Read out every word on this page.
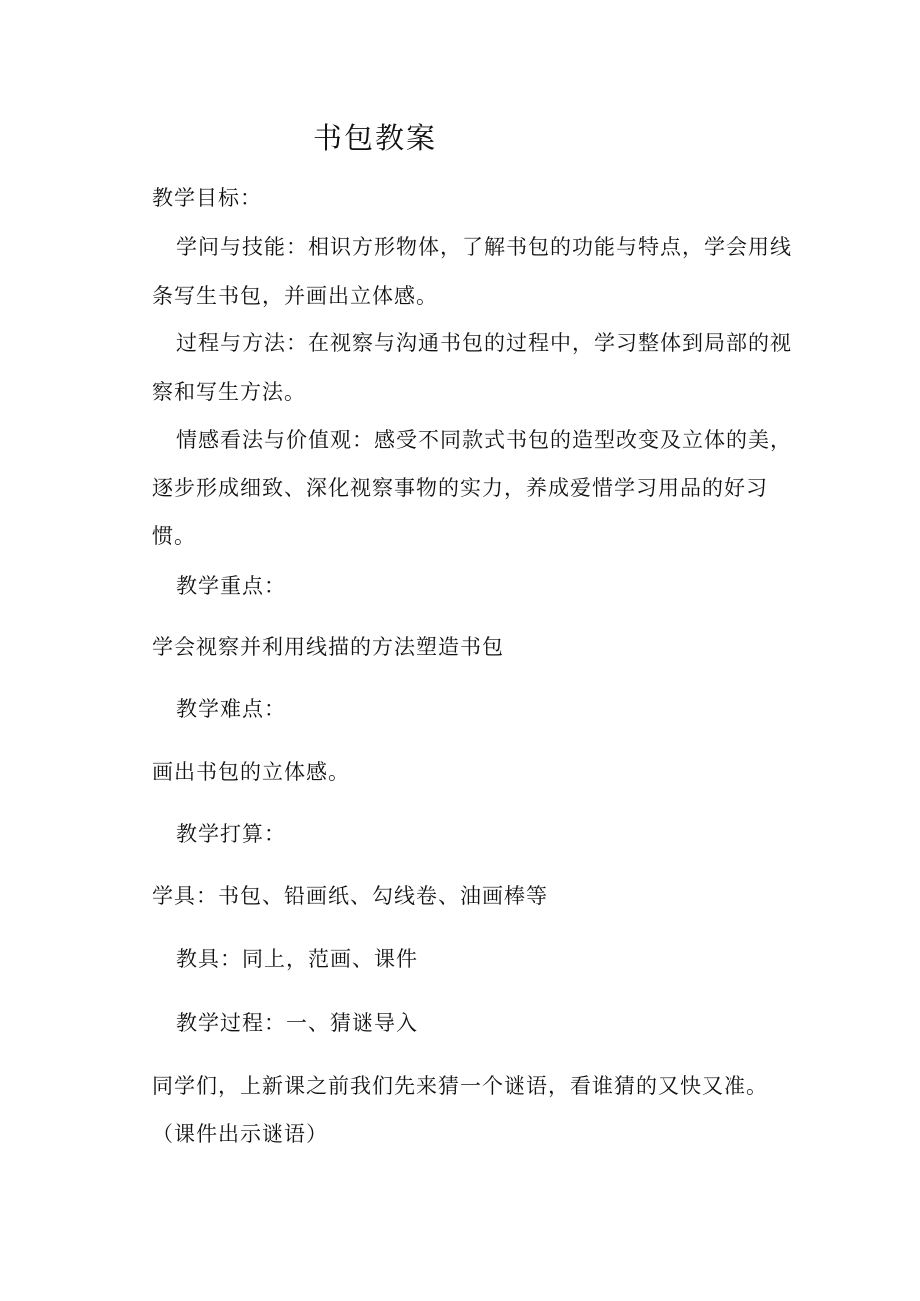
书包教案
教学目标：
学问与技能：相识方形物体，了解书包的功能与特点，学会用线
条写生书包，并画出立体感。
过程与方法：在视察与沟通书包的过程中，学习整体到局部的视
察和写生方法。
情感看法与价值观：感受不同款式书包的造型改变及立体的美，
逐步形成细致、深化视察事物的实力，养成爱惜学习用品的好习
惯。
教学重点：
学会视察并利用线描的方法塑造书包
教学难点：
画出书包的立体感。
教学打算：
学具：书包、铅画纸、勾线卷、油画棒等
教具：同上，范画、课件
教学过程：一、猜谜导入
同学们，上新课之前我们先来猜一个谜语，看谁猜的又快又准。
（课件出示谜语）
